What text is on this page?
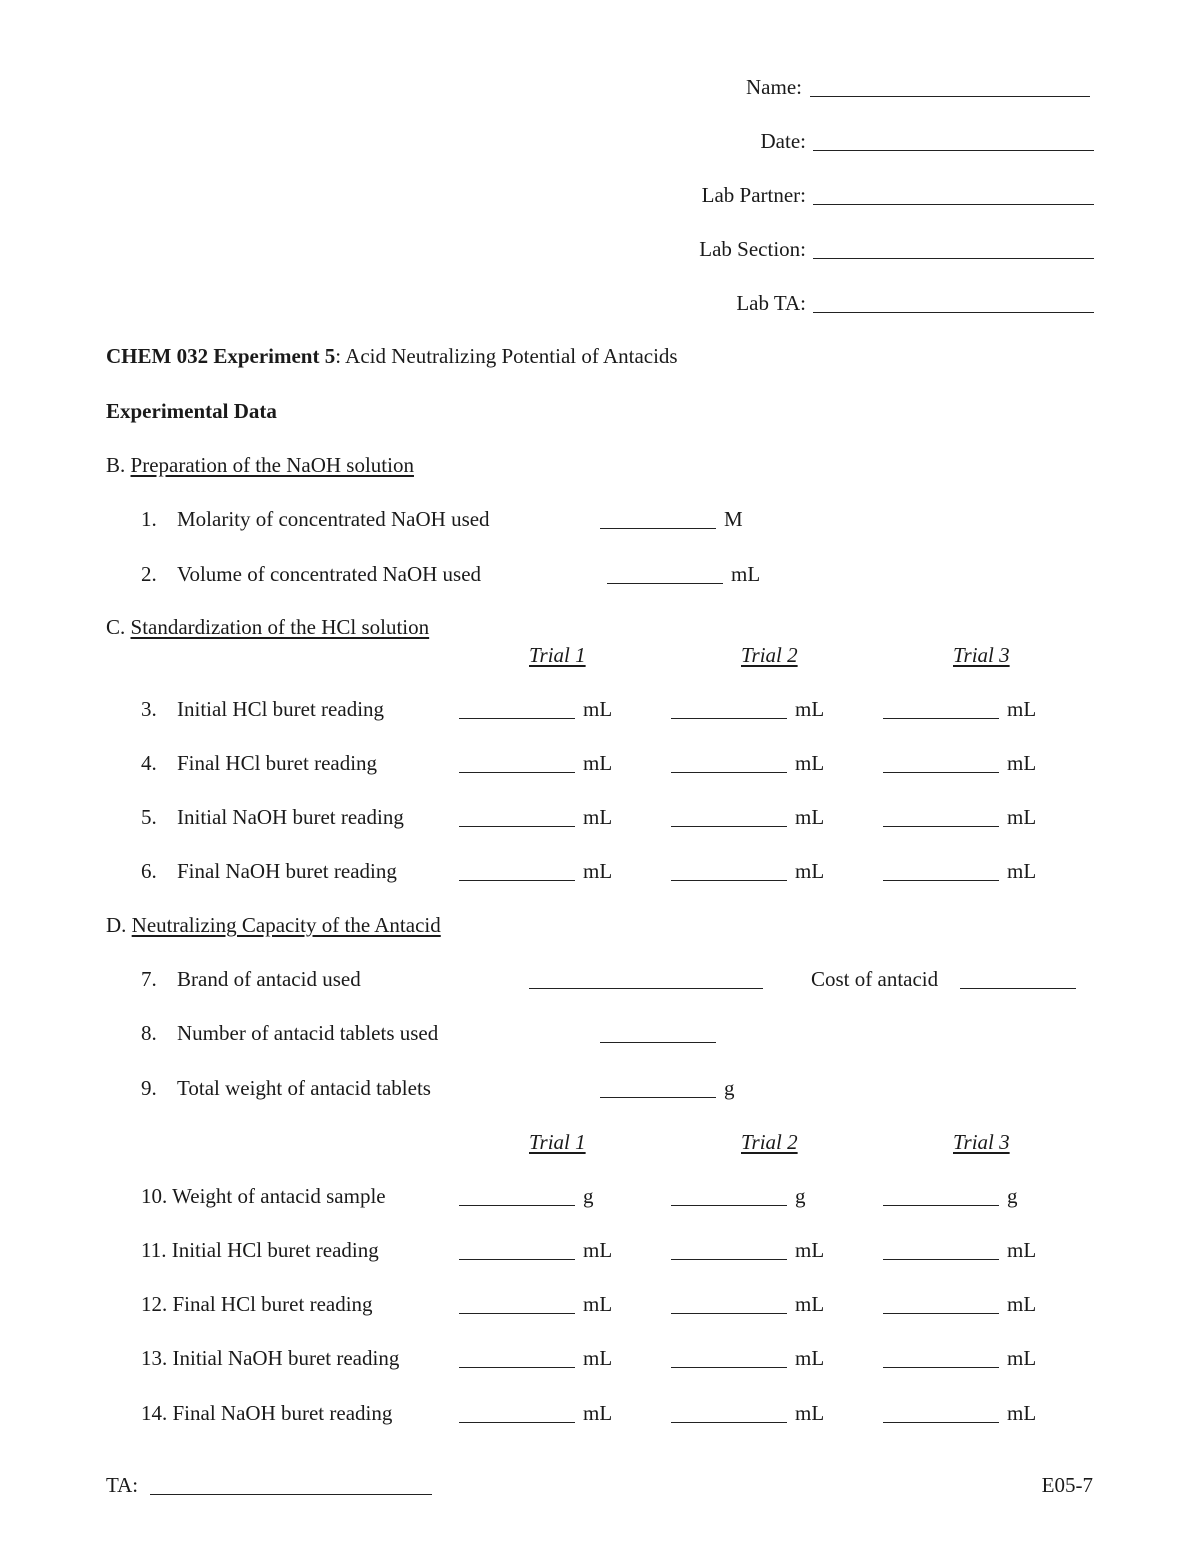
Name:
Date:
Lab Partner:
Lab Section:
Lab TA:
CHEM 032 Experiment 5: Acid Neutralizing Potential of Antacids
Experimental Data
B. Preparation of the NaOH solution
1. Molarity of concentrated NaOH used	M
2. Volume of concentrated NaOH used	mL
C. Standardization of the HCl solution
Trial 1	Trial 2	Trial 3
3. Initial HCl buret reading	mL	mL	mL
4. Final HCl buret reading	mL	mL	mL
5. Initial NaOH buret reading	mL	mL	mL
6. Final NaOH buret reading	mL	mL	mL
D. Neutralizing Capacity of the Antacid
7. Brand of antacid used	Cost of antacid
8. Number of antacid tablets used
9. Total weight of antacid tablets	g
Trial 1	Trial 2	Trial 3
10. Weight of antacid sample	g	g	g
11. Initial HCl buret reading	mL	mL	mL
12. Final HCl buret reading	mL	mL	mL
13. Initial NaOH buret reading	mL	mL	mL
14. Final NaOH buret reading	mL	mL	mL
TA:	E05-7
